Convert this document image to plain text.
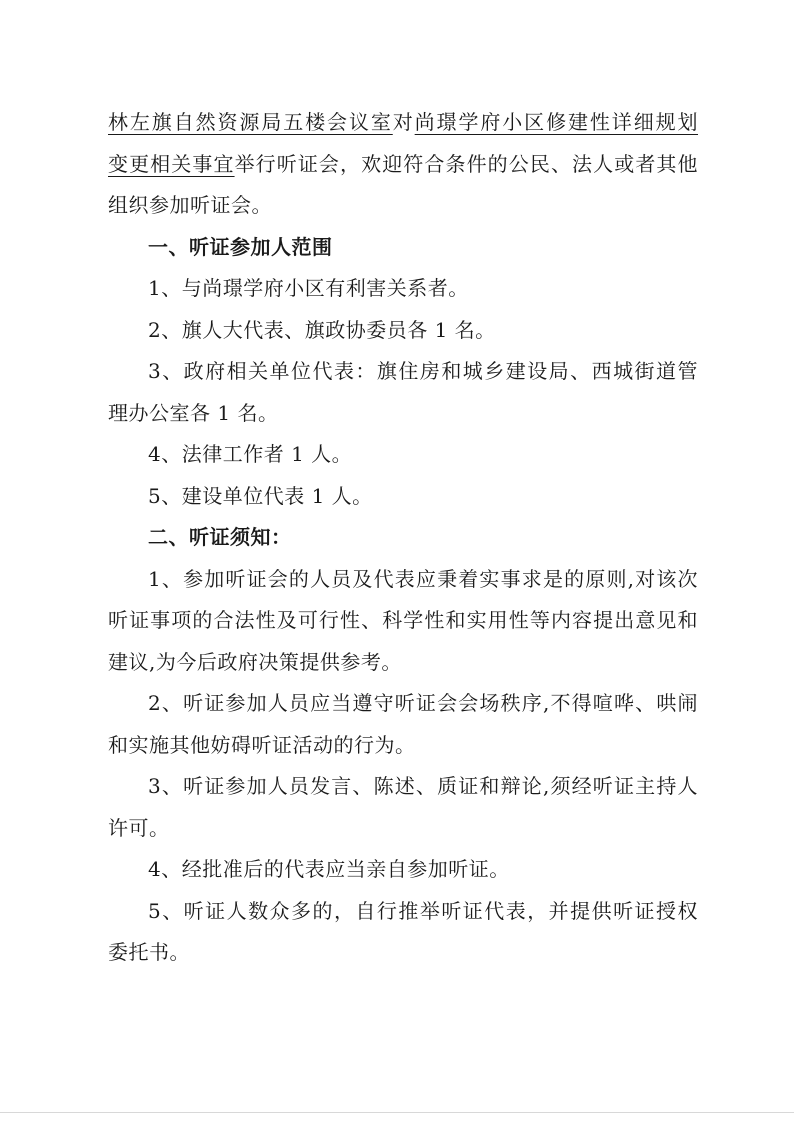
林左旗自然资源局五楼会议室对尚璟学府小区修建性详细规划
变更相关事宜举行听证会，欢迎符合条件的公民、法人或者其他
组织参加听证会。
一、听证参加人范围
1、与尚璟学府小区有利害关系者。
2、旗人大代表、旗政协委员各 1 名。
3、政府相关单位代表：旗住房和城乡建设局、西城街道管
理办公室各 1 名。
4、法律工作者 1 人。
5、建设单位代表 1 人。
二、听证须知：
1、参加听证会的人员及代表应秉着实事求是的原则,对该次
听证事项的合法性及可行性、科学性和实用性等内容提出意见和
建议,为今后政府决策提供参考。
2、听证参加人员应当遵守听证会会场秩序,不得喧哗、哄闹
和实施其他妨碍听证活动的行为。
3、听证参加人员发言、陈述、质证和辩论,须经听证主持人
许可。
4、经批准后的代表应当亲自参加听证。
5、听证人数众多的，自行推举听证代表，并提供听证授权
委托书。
